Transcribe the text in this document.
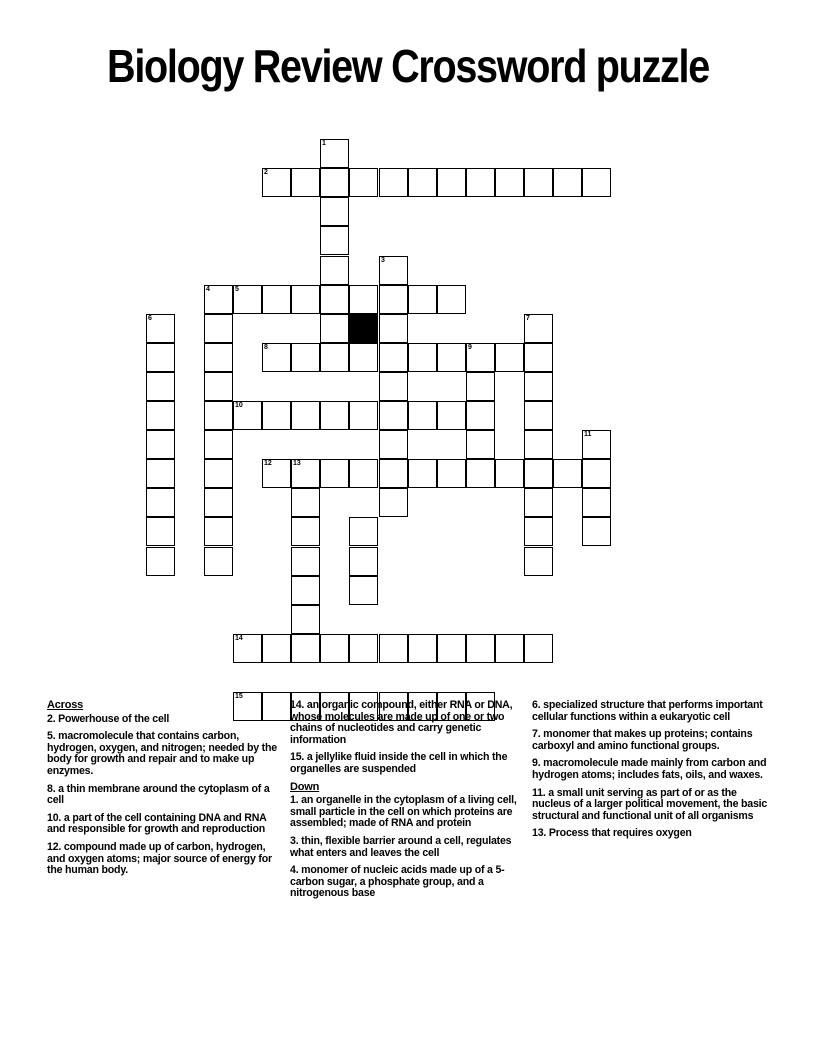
Biology Review Crossword puzzle
1
2
3
4	5
6	7
8	9
10
11
12	13
14
15
Across
2. Powerhouse of the cell
5. macromolecule that contains carbon, hydrogen, oxygen, and nitrogen; needed by the body for growth and repair and to make up enzymes.
8. a thin membrane around the cytoplasm of a cell
10. a part of the cell containing DNA and RNA and responsible for growth and reproduction
12. compound made up of carbon, hydrogen, and oxygen atoms; major source of energy for the human body.
14. an organic compound, either RNA or DNA, whose molecules are made up of one or two chains of nucleotides and carry genetic information
15. a jellylike fluid inside the cell in which the organelles are suspended
Down
1. an organelle in the cytoplasm of a living cell, small particle in the cell on which proteins are assembled; made of RNA and protein
3. thin, flexible barrier around a cell, regulates what enters and leaves the cell
4. monomer of nucleic acids made up of a 5-carbon sugar, a phosphate group, and a nitrogenous base
6. specialized structure that performs important cellular functions within a eukaryotic cell
7. monomer that makes up proteins; contains carboxyl and amino functional groups.
9. macromolecule made mainly from carbon and hydrogen atoms; includes fats, oils, and waxes.
11. a small unit serving as part of or as the nucleus of a larger political movement, the basic structural and functional unit of all organisms
13. Process that requires oxygen
